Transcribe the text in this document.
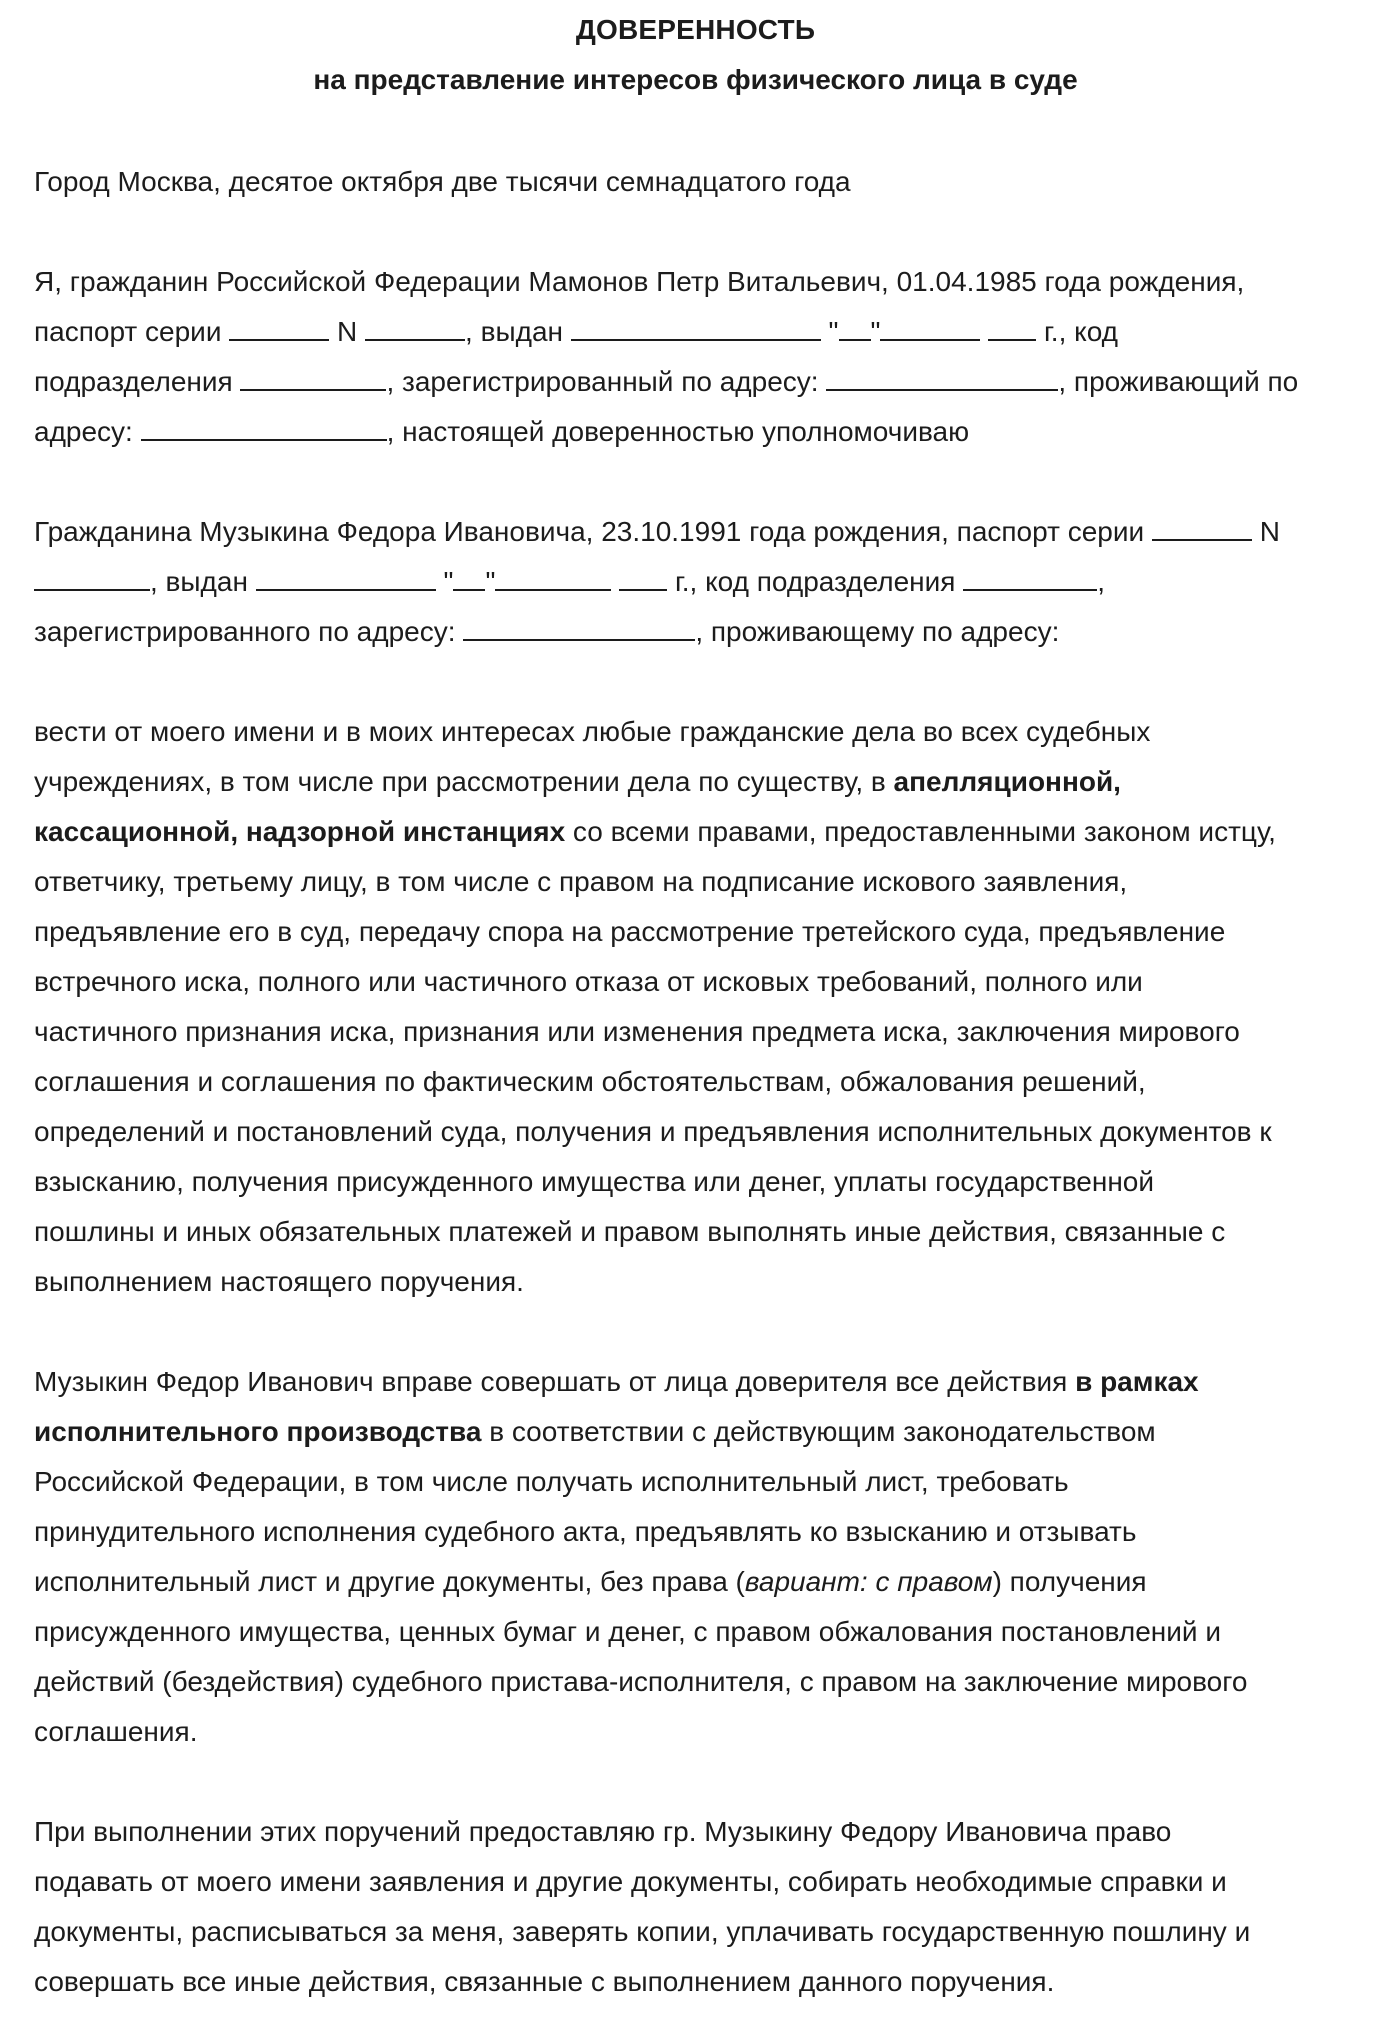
ДОВЕРЕННОСТЬ
на представление интересов физического лица в суде
Город Москва, десятое октября две тысячи семнадцатого года
Я, гражданин Российской Федерации Мамонов Петр Витальевич, 01.04.1985 года рождения,
паспорт серии	N	, выдан	" "	г., код
подразделения	, зарегистрированный по адресу:	, проживающий по
адресу:	, настоящей доверенностью уполномочиваю
Гражданина Музыкина Федора Ивановича, 23.10.1991 года рождения, паспорт серии	N
, выдан	" "	г., код подразделения	,
зарегистрированного по адресу:	, проживающему по адресу:
вести от моего имени и в моих интересах любые гражданские дела во всех судебных
учреждениях, в том числе при рассмотрении дела по существу, в апелляционной,
кассационной, надзорной инстанциях со всеми правами, предоставленными законом истцу,
ответчику, третьему лицу, в том числе с правом на подписание искового заявления,
предъявление его в суд, передачу спора на рассмотрение третейского суда, предъявление
встречного иска, полного или частичного отказа от исковых требований, полного или
частичного признания иска, признания или изменения предмета иска, заключения мирового
соглашения и соглашения по фактическим обстоятельствам, обжалования решений,
определений и постановлений суда, получения и предъявления исполнительных документов к
взысканию, получения присужденного имущества или денег, уплаты государственной
пошлины и иных обязательных платежей и правом выполнять иные действия, связанные с
выполнением настоящего поручения.
Музыкин Федор Иванович вправе совершать от лица доверителя все действия в рамках
исполнительного производства в соответствии с действующим законодательством
Российской Федерации, в том числе получать исполнительный лист, требовать
принудительного исполнения судебного акта, предъявлять ко взысканию и отзывать
исполнительный лист и другие документы, без права (вариант: с правом) получения
присужденного имущества, ценных бумаг и денег, с правом обжалования постановлений и
действий (бездействия) судебного пристава-исполнителя, с правом на заключение мирового
соглашения.
При выполнении этих поручений предоставляю гр. Музыкину Федору Ивановича право
подавать от моего имени заявления и другие документы, собирать необходимые справки и
документы, расписываться за меня, заверять копии, уплачивать государственную пошлину и
совершать все иные действия, связанные с выполнением данного поручения.
